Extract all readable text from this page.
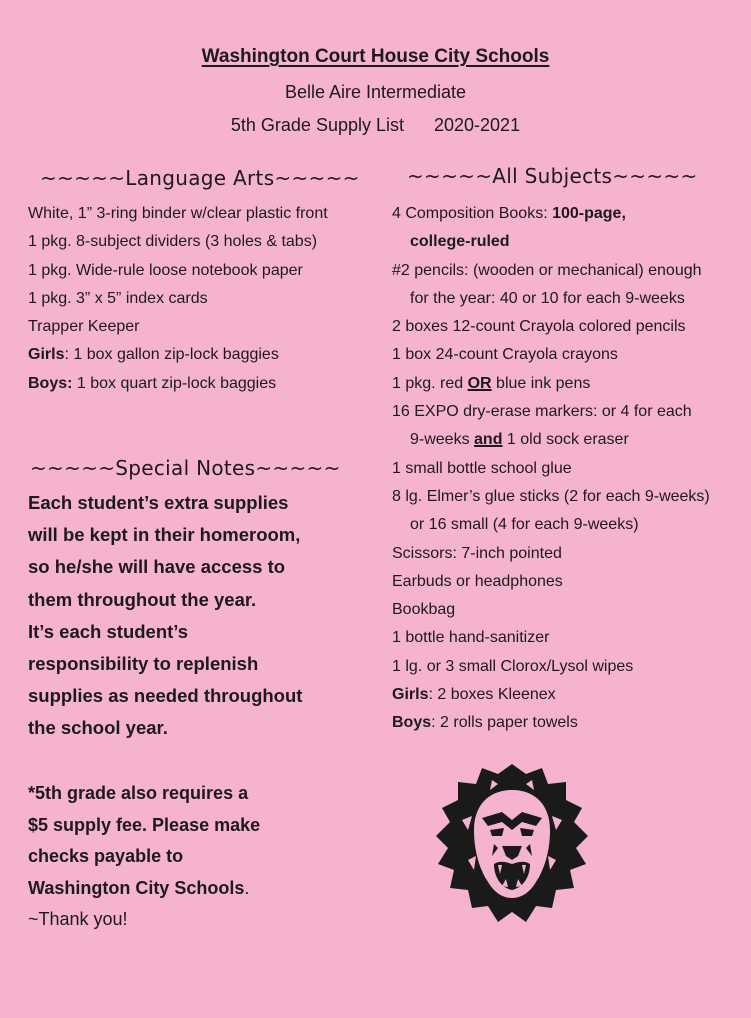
Washington Court House City Schools
Belle Aire Intermediate
5th Grade Supply List 2020-2021
~~~~~Language Arts~~~~~
White, 1” 3-ring binder w/clear plastic front
1 pkg. 8-subject dividers (3 holes & tabs)
1 pkg. Wide-rule loose notebook paper
1 pkg. 3” x 5” index cards
Trapper Keeper
Girls: 1 box gallon zip-lock baggies
Boys: 1 box quart zip-lock baggies
~~~~~All Subjects~~~~~
4 Composition Books: 100-page,
college-ruled
#2 pencils: (wooden or mechanical) enough
for the year: 40 or 10 for each 9-weeks
2 boxes 12-count Crayola colored pencils
1 box 24-count Crayola crayons
1 pkg. red OR blue ink pens
16 EXPO dry-erase markers: or 4 for each
9-weeks and 1 old sock eraser
1 small bottle school glue
8 lg. Elmer’s glue sticks (2 for each 9-weeks)
or 16 small (4 for each 9-weeks)
Scissors: 7-inch pointed
Earbuds or headphones
Bookbag
1 bottle hand-sanitizer
1 lg. or 3 small Clorox/Lysol wipes
Girls: 2 boxes Kleenex
Boys: 2 rolls paper towels
~~~~~Special Notes~~~~~
Each student’s extra supplies
will be kept in their homeroom,
so he/she will have access to
them throughout the year.
It’s each student’s
responsibility to replenish
supplies as needed throughout
the school year.
*5th grade also requires a
$5 supply fee. Please make
checks payable to
Washington City Schools.
~Thank you!
